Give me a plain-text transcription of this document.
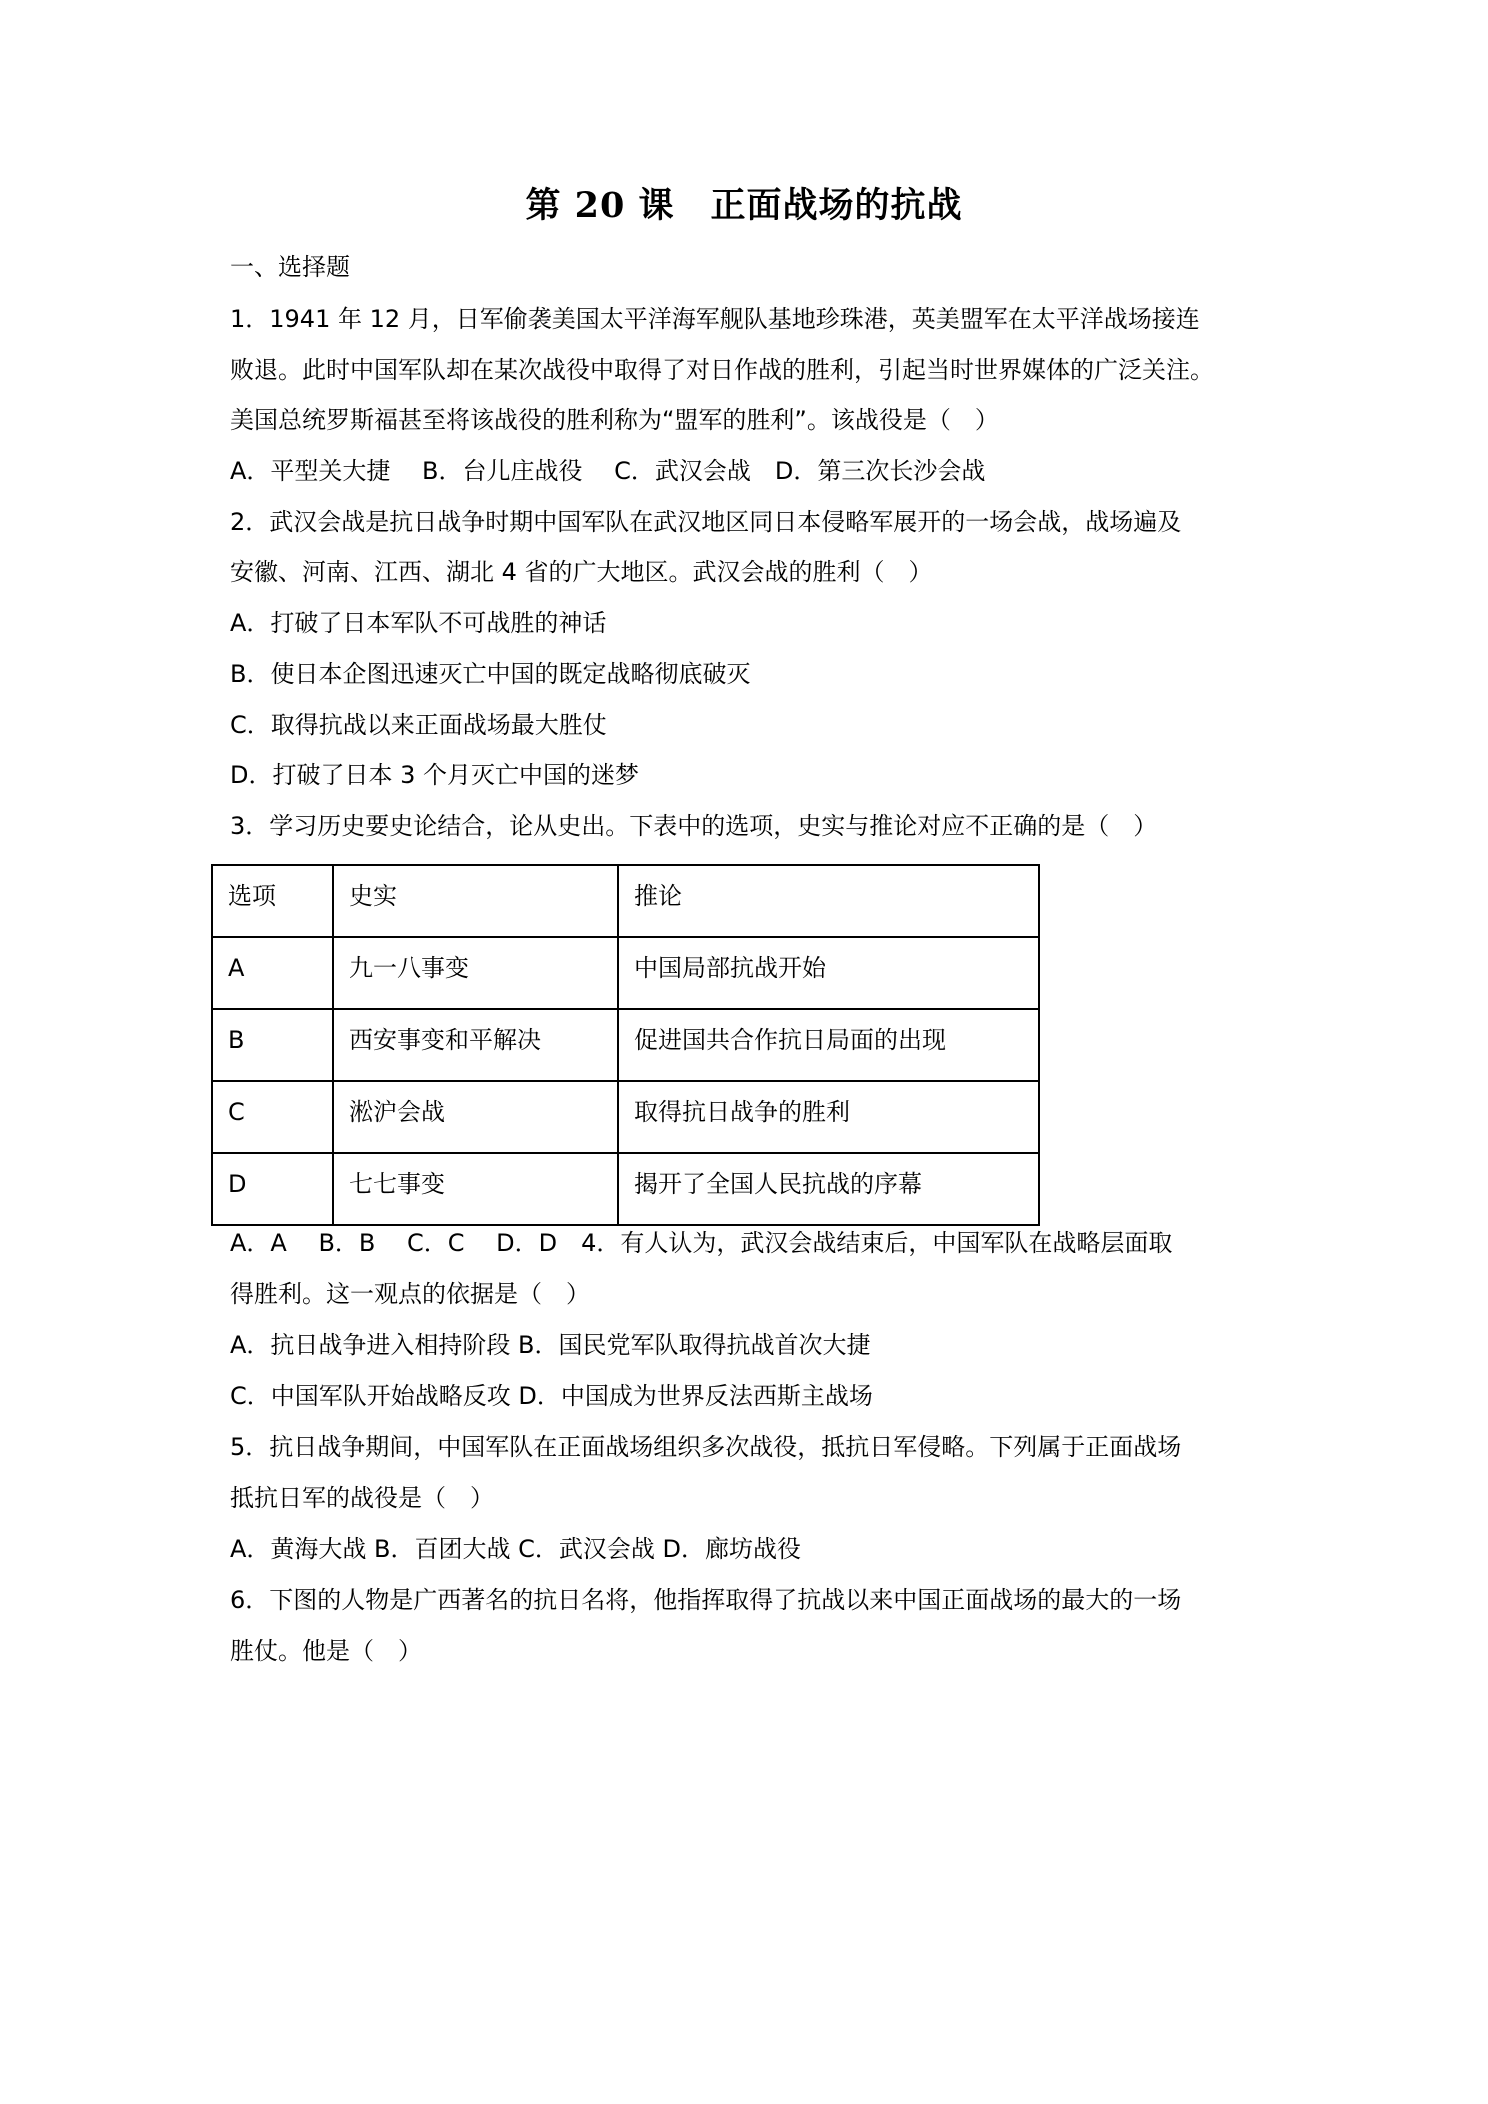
第 20 课　正面战场的抗战
一、选择题
1．1941 年 12 月，日军偷袭美国太平洋海军舰队基地珍珠港，英美盟军在太平洋战场接连
败退。此时中国军队却在某次战役中取得了对日作战的胜利，引起当时世界媒体的广泛关注。
美国总统罗斯福甚至将该战役的胜利称为“盟军的胜利”。该战役是（　）
A．平型关大捷　 B．台儿庄战役　 C．武汉会战　D．第三次长沙会战
2．武汉会战是抗日战争时期中国军队在武汉地区同日本侵略军展开的一场会战，战场遍及
安徽、河南、江西、湖北 4 省的广大地区。武汉会战的胜利（　）
A．打破了日本军队不可战胜的神话
B．使日本企图迅速灭亡中国的既定战略彻底破灭
C．取得抗战以来正面战场最大胜仗
D．打破了日本 3 个月灭亡中国的迷梦
3．学习历史要史论结合，论从史出。下表中的选项，史实与推论对应不正确的是（　）
选项	史实	推论
A	九一八事变	中国局部抗战开始
B	西安事变和平解决	促进国共合作抗日局面的出现
C	淞沪会战	取得抗日战争的胜利
D	七七事变	揭开了全国人民抗战的序幕
A．A　 B．B　 C．C　 D．D　4．有人认为，武汉会战结束后，中国军队在战略层面取
得胜利。这一观点的依据是（　）
A．抗日战争进入相持阶段 B．国民党军队取得抗战首次大捷
C．中国军队开始战略反攻 D．中国成为世界反法西斯主战场
5．抗日战争期间，中国军队在正面战场组织多次战役，抵抗日军侵略。下列属于正面战场
抵抗日军的战役是（　）
A．黄海大战 B．百团大战 C．武汉会战 D．廊坊战役
6．下图的人物是广西著名的抗日名将，他指挥取得了抗战以来中国正面战场的最大的一场
胜仗。他是（　）
